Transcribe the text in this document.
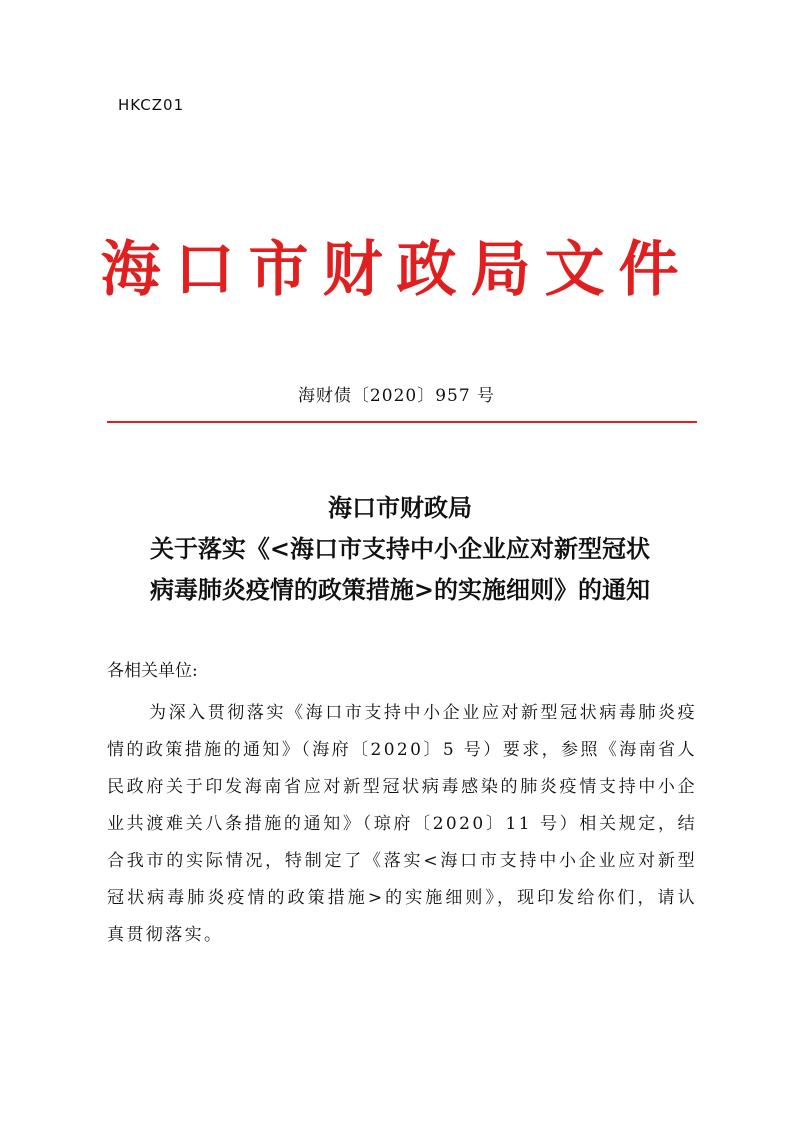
HKCZ01
海口市财政局文件
海财债〔2020〕957 号
海口市财政局
关于落实《<海口市支持中小企业应对新型冠状
病毒肺炎疫情的政策措施>的实施细则》的通知
各相关单位:

为深入贯彻落实《海口市支持中小企业应对新型冠状病毒肺炎疫情的政策措施的通知》（海府〔2020〕5 号）要求，参照《海南省人民政府关于印发海南省应对新型冠状病毒感染的肺炎疫情支持中小企业共渡难关八条措施的通知》（琼府〔2020〕11 号）相关规定，结合我市的实际情况，特制定了《落实<海口市支持中小企业应对新型冠状病毒肺炎疫情的政策措施>的实施细则》，现印发给你们，请认真贯彻落实。
